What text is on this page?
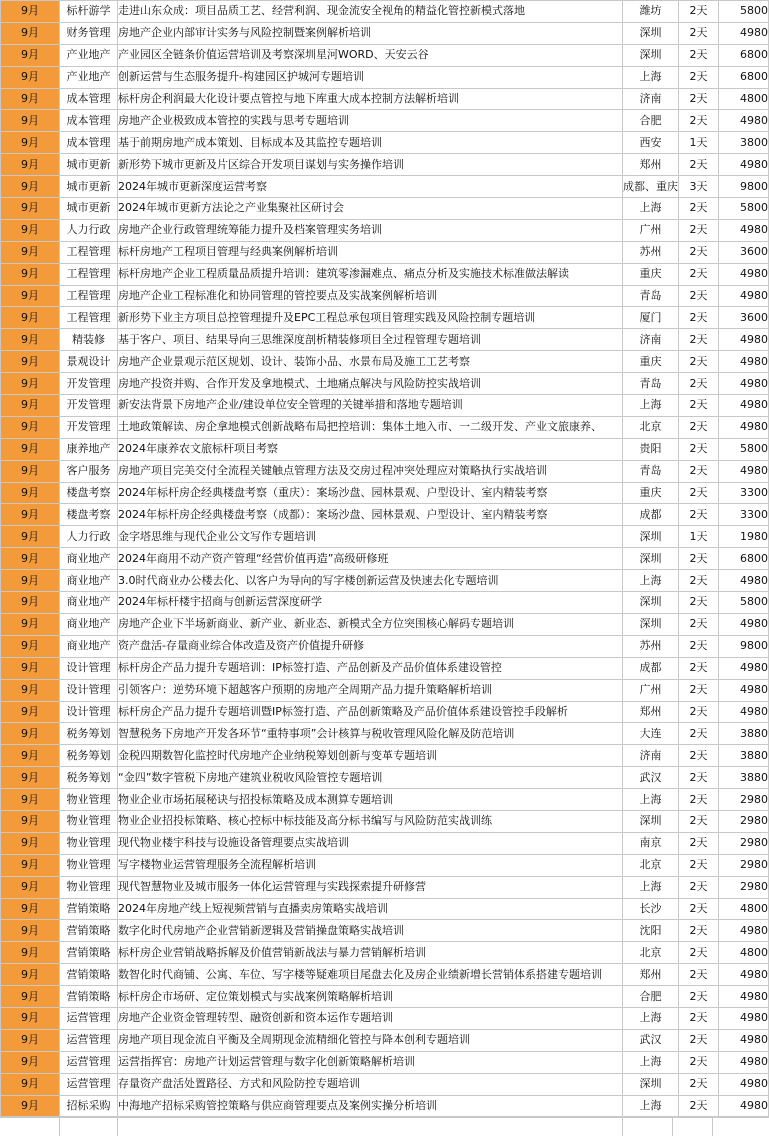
9月	标杆游学	走进山东众成：项目品质工艺、经营利润、现金流安全视角的精益化管控新模式落地	潍坊	2天	5800
9月	财务管理	房地产企业内部审计实务与风险控制暨案例解析培训	深圳	2天	4980
9月	产业地产	产业园区全链条价值运营培训及考察深圳星河WORD、天安云谷	深圳	2天	6800
9月	产业地产	创新运营与生态服务提升-构建园区护城河专题培训	上海	2天	6800
9月	成本管理	标杆房企利润最大化设计要点管控与地下库重大成本控制方法解析培训	济南	2天	4800
9月	成本管理	房地产企业极致成本管控的实践与思考专题培训	合肥	2天	4980
9月	成本管理	基于前期房地产成本策划、目标成本及其监控专题培训	西安	1天	3800
9月	城市更新	新形势下城市更新及片区综合开发项目谋划与实务操作培训	郑州	2天	4980
9月	城市更新	2024年城市更新深度运营考察	成都、重庆	3天	9800
9月	城市更新	2024年城市更新方法论之产业集聚社区研讨会	上海	2天	5800
9月	人力行政	房地产企业行政管理统筹能力提升及档案管理实务培训	广州	2天	4980
9月	工程管理	标杆房地产工程项目管理与经典案例解析培训	苏州	2天	3600
9月	工程管理	标杆房地产企业工程质量品质提升培训：建筑零渗漏难点、痛点分析及实施技术标准做法解读	重庆	2天	4980
9月	工程管理	房地产企业工程标准化和协同管理的管控要点及实战案例解析培训	青岛	2天	4980
9月	工程管理	新形势下业主方项目总控管理提升及EPC工程总承包项目管理实践及风险控制专题培训	厦门	2天	3600
9月	精装修	基于客户、项目、结果导向三思维深度剖析精装修项目全过程管理专题培训	济南	2天	4980
9月	景观设计	房地产企业景观示范区规划、设计、装饰小品、水景布局及施工工艺考察	重庆	2天	4980
9月	开发管理	房地产投资并购、合作开发及拿地模式、土地痛点解决与风险防控实战培训	青岛	2天	4980
9月	开发管理	新安法背景下房地产企业/建设单位安全管理的关键举措和落地专题培训	上海	2天	4980
9月	开发管理	土地政策解读、房企拿地模式创新战略布局把控培训：集体土地入市、一二级开发、产业文旅康养、	北京	2天	4980
9月	康养地产	2024年康养农文旅标杆项目考察	贵阳	2天	5800
9月	客户服务	房地产项目完美交付全流程关键触点管理方法及交房过程冲突处理应对策略执行实战培训	青岛	2天	4980
9月	楼盘考察	2024年标杆房企经典楼盘考察（重庆）：案场沙盘、园林景观、户型设计、室内精装考察	重庆	2天	3300
9月	楼盘考察	2024年标杆房企经典楼盘考察（成都）：案场沙盘、园林景观、户型设计、室内精装考察	成都	2天	3300
9月	人力行政	金字塔思维与现代企业公文写作专题培训	深圳	1天	1980
9月	商业地产	2024年商用不动产资产管理“经营价值再造”高级研修班	深圳	2天	6800
9月	商业地产	3.0时代商业办公楼去化、以客户为导向的写字楼创新运营及快速去化专题培训	上海	2天	4980
9月	商业地产	2024年标杆楼宇招商与创新运营深度研学	深圳	2天	5800
9月	商业地产	房地产企业下半场新商业、新产业、新业态、新模式全方位突围核心解码专题培训	深圳	2天	4980
9月	商业地产	资产盘活-存量商业综合体改造及资产价值提升研修	苏州	2天	9800
9月	设计管理	标杆房企产品力提升专题培训：IP标签打造、产品创新及产品价值体系建设管控	成都	2天	4980
9月	设计管理	引领客户：逆势环境下超越客户预期的房地产全周期产品力提升策略解析培训	广州	2天	4980
9月	设计管理	标杆房企产品力提升专题培训暨IP标签打造、产品创新策略及产品价值体系建设管控手段解析	郑州	2天	4980
9月	税务筹划	智慧税务下房地产开发各环节“重特事项”会计核算与税收管理风险化解及防范培训	大连	2天	3880
9月	税务筹划	金税四期数智化监控时代房地产企业纳税筹划创新与变革专题培训	济南	2天	3880
9月	税务筹划	“金四”数字管税下房地产建筑业税收风险管控专题培训	武汉	2天	3880
9月	物业管理	物业企业市场拓展秘诀与招投标策略及成本测算专题培训	上海	2天	2980
9月	物业管理	物业企业招投标策略、核心控标中标技能及高分标书编写与风险防范实战训练	深圳	2天	2980
9月	物业管理	现代物业楼宇科技与设施设备管理要点实战培训	南京	2天	2980
9月	物业管理	写字楼物业运营管理服务全流程解析培训	北京	2天	2980
9月	物业管理	现代智慧物业及城市服务一体化运营管理与实践探索提升研修营	上海	2天	2980
9月	营销策略	2024年房地产线上短视频营销与直播卖房策略实战培训	长沙	2天	4800
9月	营销策略	数字化时代房地产企业营销新逻辑及营销操盘策略实战培训	沈阳	2天	4980
9月	营销策略	标杆房企业营销战略拆解及价值营销新战法与暴力营销解析培训	北京	2天	4800
9月	营销策略	数智化时代商铺、公寓、车位、写字楼等疑难项目尾盘去化及房企业绩新增长营销体系搭建专题培训	郑州	2天	4980
9月	营销策略	标杆房企市场研、定位策划模式与实战案例策略解析培训	合肥	2天	4980
9月	运营管理	房地产企业资金管理转型、融资创新和资本运作专题培训	上海	2天	4980
9月	运营管理	房地产项目现金流自平衡及全周期现金流精细化管控与降本创利专题培训	武汉	2天	4980
9月	运营管理	运营指挥官：房地产计划运营管理与数字化创新策略解析培训	上海	2天	4980
9月	运营管理	存量资产盘活处置路径、方式和风险防控专题培训	深圳	2天	4980
9月	招标采购	中海地产招标采购管控策略与供应商管理要点及案例实操分析培训	上海	2天	4980
